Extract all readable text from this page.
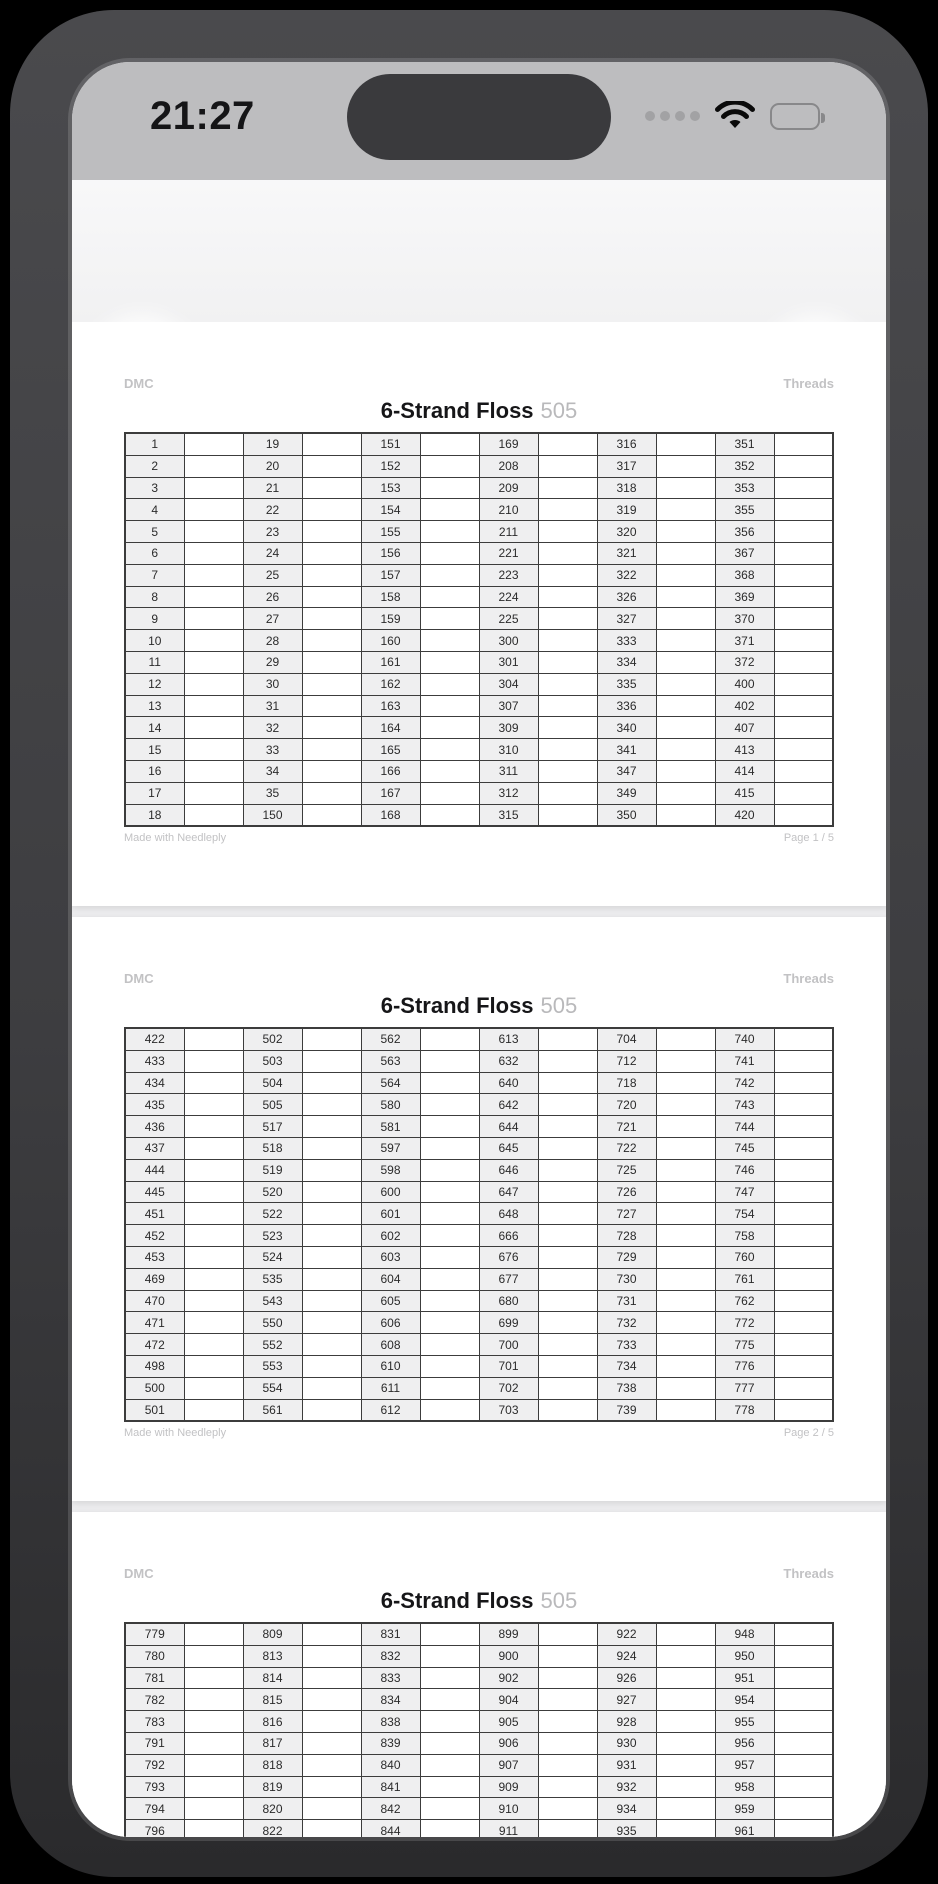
21:27
DMC	Threads
6-Strand Floss 505
1		19		151		169		316		351	
2		20		152		208		317		352	
3		21		153		209		318		353	
4		22		154		210		319		355	
5		23		155		211		320		356	
6		24		156		221		321		367	
7		25		157		223		322		368	
8		26		158		224		326		369	
9		27		159		225		327		370	
10		28		160		300		333		371	
11		29		161		301		334		372	
12		30		162		304		335		400	
13		31		163		307		336		402	
14		32		164		309		340		407	
15		33		165		310		341		413	
16		34		166		311		347		414	
17		35		167		312		349		415	
18		150		168		315		350		420	
Made with Needleply	Page 1 / 5
DMC	Threads
6-Strand Floss 505
422		502		562		613		704		740	
433		503		563		632		712		741	
434		504		564		640		718		742	
435		505		580		642		720		743	
436		517		581		644		721		744	
437		518		597		645		722		745	
444		519		598		646		725		746	
445		520		600		647		726		747	
451		522		601		648		727		754	
452		523		602		666		728		758	
453		524		603		676		729		760	
469		535		604		677		730		761	
470		543		605		680		731		762	
471		550		606		699		732		772	
472		552		608		700		733		775	
498		553		610		701		734		776	
500		554		611		702		738		777	
501		561		612		703		739		778	
Made with Needleply	Page 2 / 5
DMC	Threads
6-Strand Floss 505
779		809		831		899		922		948	
780		813		832		900		924		950	
781		814		833		902		926		951	
782		815		834		904		927		954	
783		816		838		905		928		955	
791		817		839		906		930		956	
792		818		840		907		931		957	
793		819		841		909		932		958	
794		820		842		910		934		959	
796		822		844		911		935		961	
